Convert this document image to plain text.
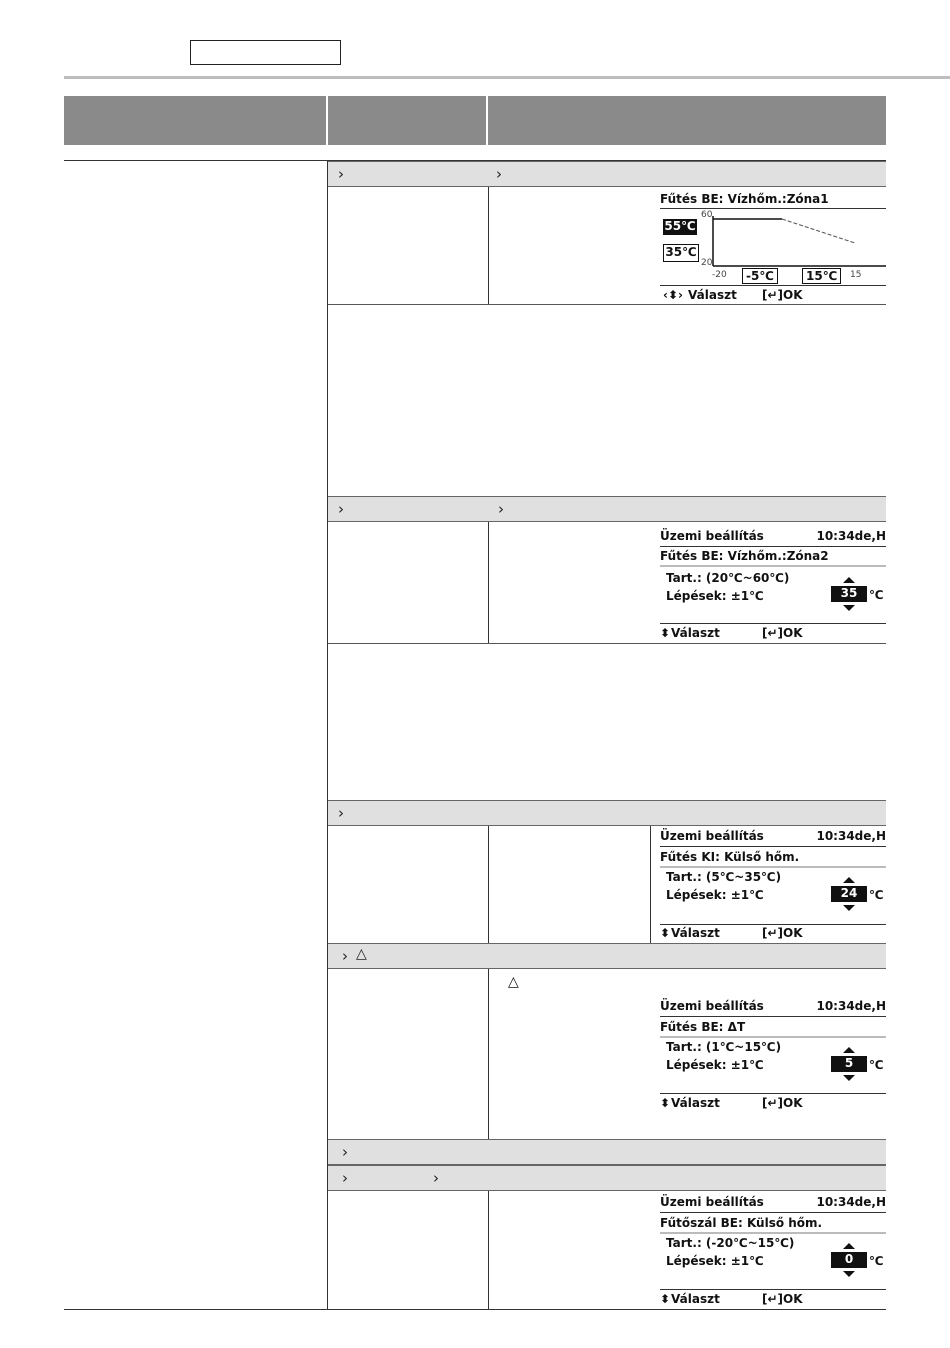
›	›
Fűtés BE: Vízhőm.:Zóna1
55℃
35℃
60
20
-20	-5℃	15℃	15
‹⬍› Választ [↵]OK
›	›
Üzemi beállítás	10:34de,H
Fűtés BE: Vízhőm.:Zóna2
Tart.: (20℃~60℃)
Lépések: ±1℃	35 ℃
⬍ Választ	[↵]OK
›
Üzemi beállítás	10:34de,H
Fűtés KI: Külső hőm.
Tart.: (5℃~35℃)
Lépések: ±1℃	24 ℃
⬍ Választ	[↵]OK
› △
△
Üzemi beállítás	10:34de,H
Fűtés BE: ΔT
Tart.: (1℃~15℃)
Lépések: ±1℃	5	℃
⬍ Választ	[↵]OK
›
›	›
Üzemi beállítás	10:34de,H
Fűtőszál BE: Külső hőm.
Tart.: (-20℃~15℃)
Lépések: ±1℃	0	℃
⬍ Választ	[↵]OK
